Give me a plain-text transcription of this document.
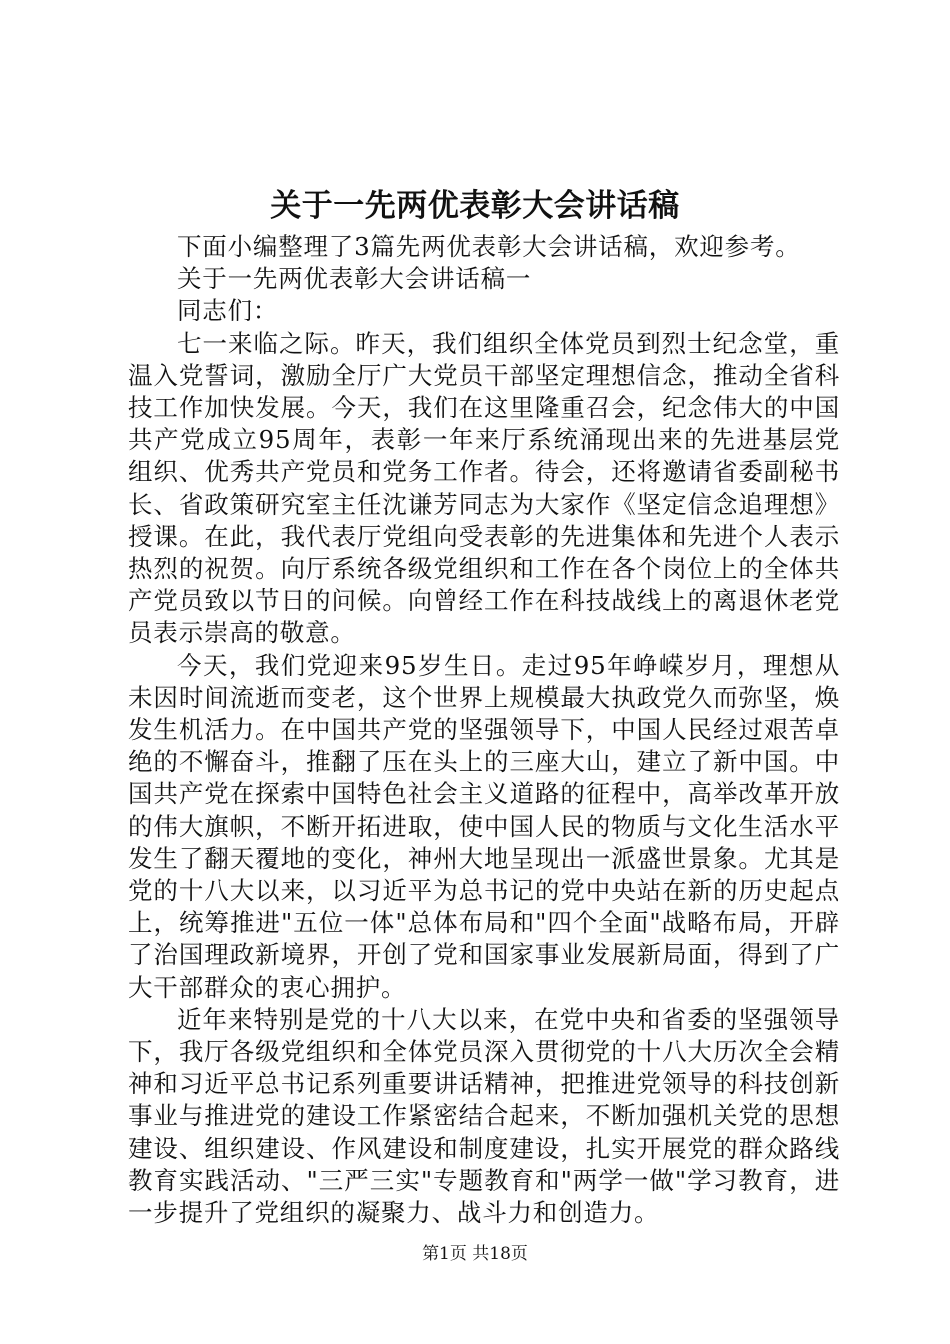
关于一先两优表彰大会讲话稿

下面小编整理了3篇先两优表彰大会讲话稿，欢迎参考。

关于一先两优表彰大会讲话稿一

同志们：

七一来临之际。昨天，我们组织全体党员到烈士纪念堂，重温入党誓词，激励全厅广大党员干部坚定理想信念，推动全省科技工作加快发展。今天，我们在这里隆重召会，纪念伟大的中国共产党成立95周年，表彰一年来厅系统涌现出来的先进基层党组织、优秀共产党员和党务工作者。待会，还将邀请省委副秘书长、省政策研究室主任沈谦芳同志为大家作《坚定信念追理想》授课。在此，我代表厅党组向受表彰的先进集体和先进个人表示热烈的祝贺。向厅系统各级党组织和工作在各个岗位上的全体共产党员致以节日的问候。向曾经工作在科技战线上的离退休老党员表示崇高的敬意。

今天，我们党迎来95岁生日。走过95年峥嵘岁月，理想从未因时间流逝而变老，这个世界上规模最大执政党久而弥坚，焕发生机活力。在中国共产党的坚强领导下，中国人民经过艰苦卓绝的不懈奋斗，推翻了压在头上的三座大山，建立了新中国。中国共产党在探索中国特色社会主义道路的征程中，高举改革开放的伟大旗帜，不断开拓进取，使中国人民的物质与文化生活水平发生了翻天覆地的变化，神州大地呈现出一派盛世景象。尤其是党的十八大以来，以习近平为总书记的党中央站在新的历史起点上，统筹推进"五位一体"总体布局和"四个全面"战略布局，开辟了治国理政新境界，开创了党和国家事业发展新局面，得到了广大干部群众的衷心拥护。

近年来特别是党的十八大以来，在党中央和省委的坚强领导下，我厅各级党组织和全体党员深入贯彻党的十八大历次全会精神和习近平总书记系列重要讲话精神，把推进党领导的科技创新事业与推进党的建设工作紧密结合起来，不断加强机关党的思想建设、组织建设、作风建设和制度建设，扎实开展党的群众路线教育实践活动、"三严三实"专题教育和"两学一做"学习教育，进一步提升了党组织的凝聚力、战斗力和创造力。

第1页 共18页
